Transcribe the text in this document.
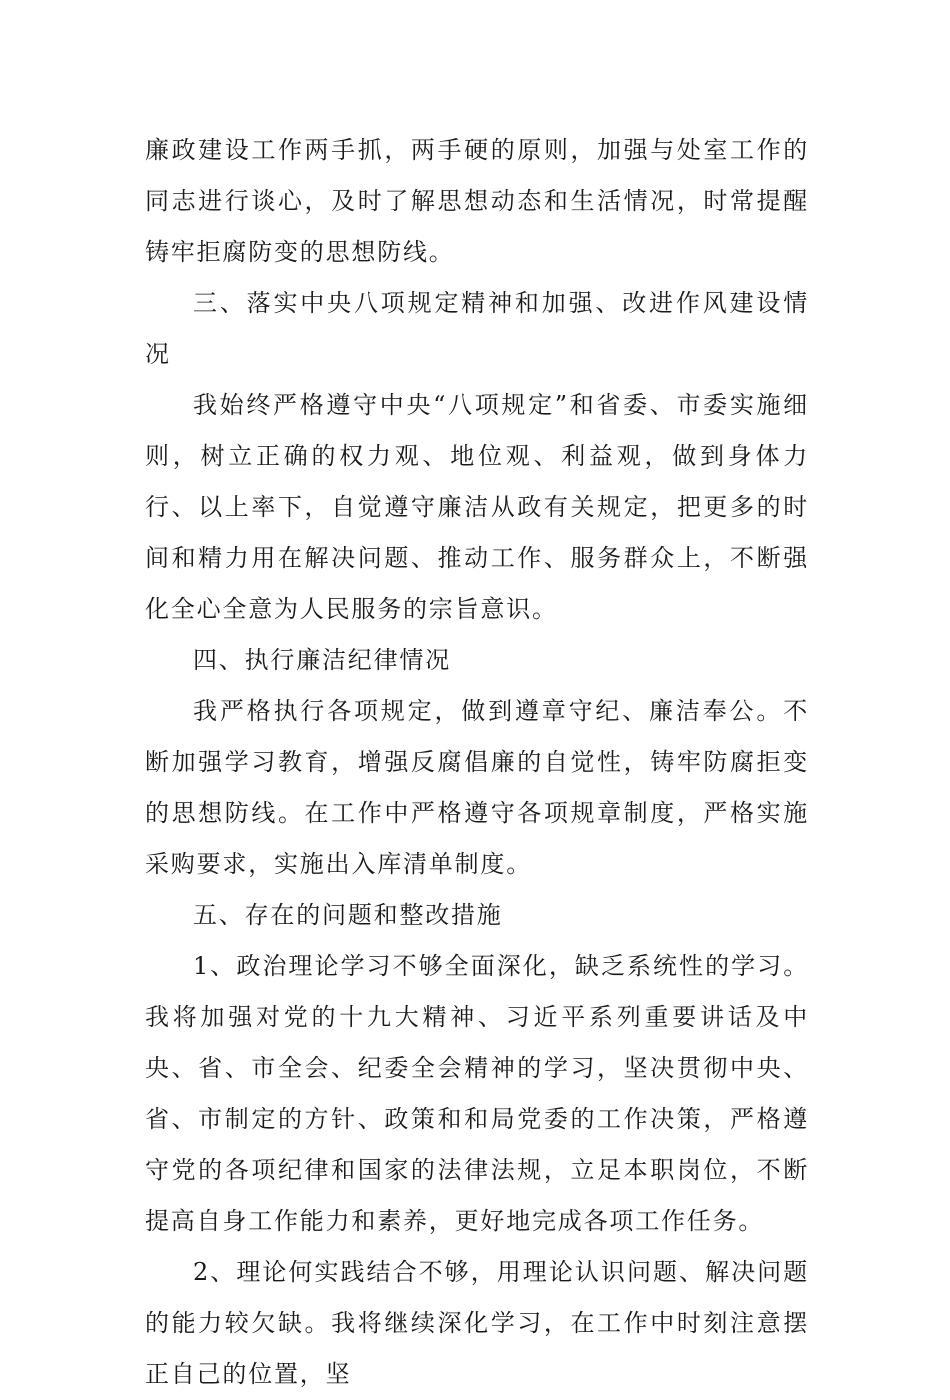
廉政建设工作两手抓，两手硬的原则，加强与处室工作的同志进行谈心，及时了解思想动态和生活情况，时常提醒铸牢拒腐防变的思想防线。

三、落实中央八项规定精神和加强、改进作风建设情况

我始终严格遵守中央“八项规定”和省委、市委实施细则，树立正确的权力观、地位观、利益观，做到身体力行、以上率下，自觉遵守廉洁从政有关规定，把更多的时间和精力用在解决问题、推动工作、服务群众上，不断强化全心全意为人民服务的宗旨意识。

四、执行廉洁纪律情况

我严格执行各项规定，做到遵章守纪、廉洁奉公。不断加强学习教育，增强反腐倡廉的自觉性，铸牢防腐拒变的思想防线。在工作中严格遵守各项规章制度，严格实施采购要求，实施出入库清单制度。

五、存在的问题和整改措施

1、政治理论学习不够全面深化，缺乏系统性的学习。我将加强对党的十九大精神、习近平系列重要讲话及中央、省、市全会、纪委全会精神的学习，坚决贯彻中央、省、市制定的方针、政策和和局党委的工作决策，严格遵守党的各项纪律和国家的法律法规，立足本职岗位，不断提高自身工作能力和素养，更好地完成各项工作任务。

2、理论何实践结合不够，用理论认识问题、解决问题的能力较欠缺。我将继续深化学习，在工作中时刻注意摆正自己的位置，坚
